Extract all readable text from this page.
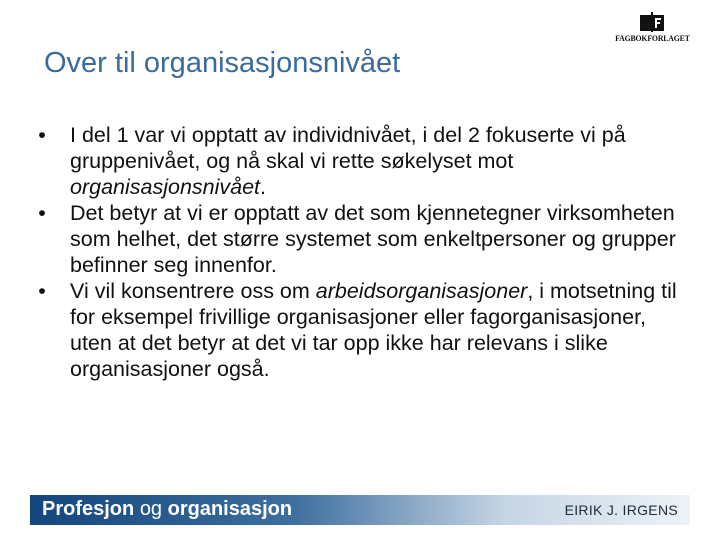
FAGBOKFORLAGET
Over til organisasjonsnivået
•	I del 1 var vi opptatt av individnivået, i del 2 fokuserte vi på gruppenivået, og nå skal vi rette søkelyset mot organisasjonsnivået.
•	Det betyr at vi er opptatt av det som kjennetegner virksomheten som helhet, det større systemet som enkeltpersoner og grupper befinner seg innenfor.
•	Vi vil konsentrere oss om arbeidsorganisasjoner, i motsetning til for eksempel frivillige organisasjoner eller fagorganisasjoner, uten at det betyr at det vi tar opp ikke har relevans i slike organisasjoner også.
Profesjon og organisasjon	EIRIK J. IRGENS
